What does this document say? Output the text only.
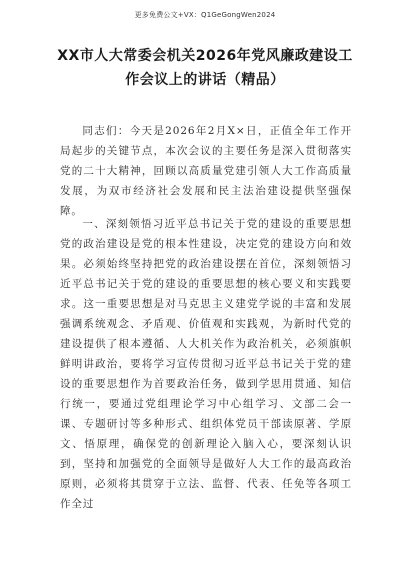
更多免费公文+VX：Q1GeGongWen2024
XX市人大常委会机关2026年党风廉政建设工作会议上的讲话（精品）
同志们：今天是2026年2月X×日，正值全年工作开局起步的关键节点，本次会议的主要任务是深入贯彻落实党的二十大精神，回顾以高质量党建引领人大工作高质量发展，为双市经济社会发展和民主法治建设提供坚强保障。
一、深刻领悟习近平总书记关于党的建设的重要思想党的政治建设是党的根本性建设，决定党的建设方向和效果。必须始终坚持把党的政治建设摆在首位，深刻领悟习近平总书记关于党的建设的重要思想的核心要义和实践要求。这一重要思想是对马克思主义建党学说的丰富和发展强调系统观念、矛盾观、价值观和实践观，为新时代党的建设提供了根本遵循、人大机关作为政治机关，必须旗帜鲜明讲政治，要将学习宣传贯彻习近平总书记关于党的建设的重要思想作为首要政治任务，做到学思用贯通、知信行统一，要通过党组理论学习中心组学习、文部二会一课、专题研讨等多种形式、组织体党员干部读原著、学原文、悟原理，确保党的创新理论入脑入心，要深刻认识到，坚持和加强党的全面领导是做好人大工作的最高政治原则，必须将其贯穿于立法、监督、代表、任免等各项工作全过
